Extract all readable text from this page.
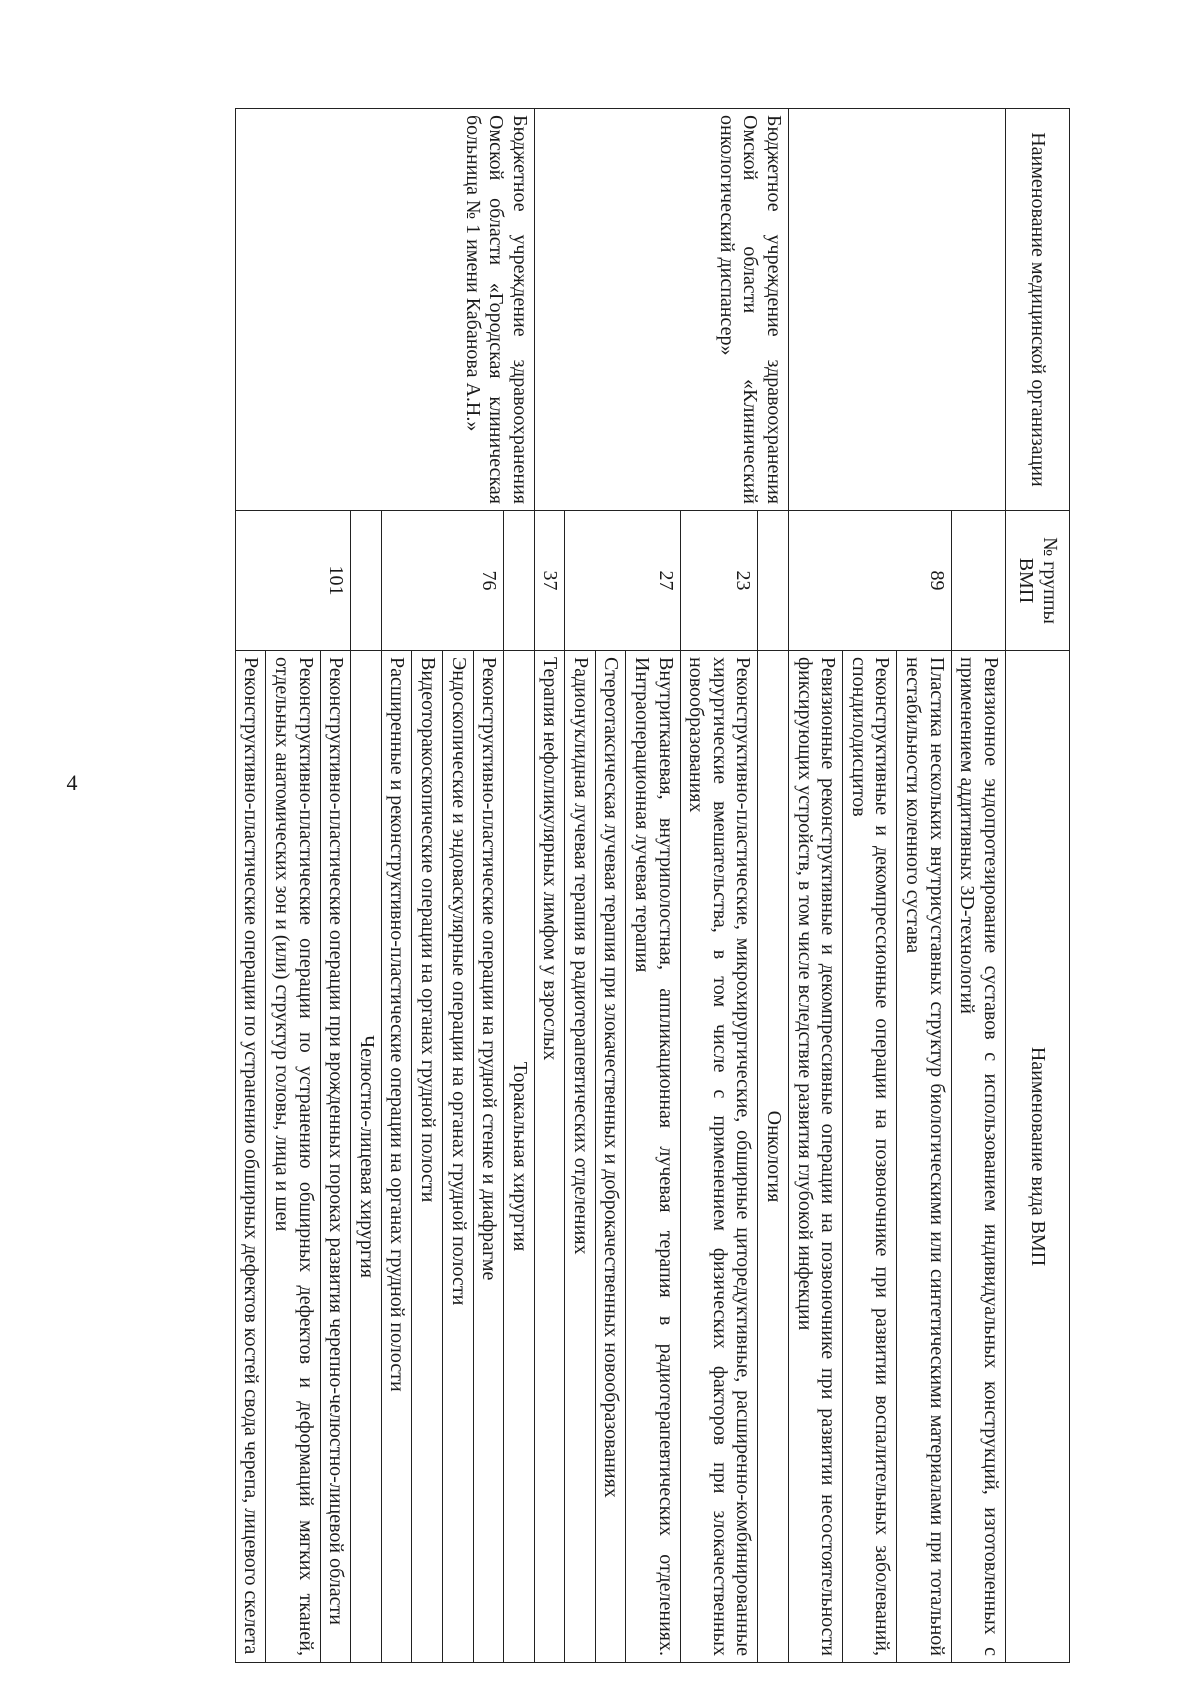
4
Наименование медицинской организации	№ группы ВМП	Наименование вида ВМП
		Ревизионное эндопротезирование суставов с использованием индивидуальных конструкций, изготовленных с применением аддитивных 3D-технологий
	89	Пластика нескольких внутрисуставных структур биологическими или синтетическими материалами при тотальной нестабильности коленного сустава
		Реконструктивные и декомпрессионные операции на позвоночнике при развитии воспалительных заболеваний, спондилодисцитов
		Ревизионные реконструктивные и декомпрессивные операции на позвоночнике при развитии несостоятельности фиксирующих устройств, в том числе вследствие развития глубокой инфекции
Бюджетное учреждение здравоохранения Омской области «Клинический онкологический диспансер»		Онкология
	23	Реконструктивно-пластические, микрохирургические, обширные циторедуктивные, расширенно-комбинированные хирургические вмешательства, в том числе с применением физических факторов при злокачественных новообразованиях
	27	Внутритканевая, внутриполостная, аппликационная лучевая терапия в радиотерапевтических отделениях. Интраоперационная лучевая терапия
		Стереотаксическая лучевая терапия при злокачественных и доброкачественных новообразованиях
		Радионуклидная лучевая терапия в радиотерапевтических отделениях
	37	Терапия нефолликулярных лимфом у взрослых
Бюджетное учреждение здравоохранения Омской области «Городская клиническая больница № 1 имени Кабанова А.Н.»		Торакальная хирургия
	76	Реконструктивно-пластические операции на грудной стенке и диафрагме
		Эндоскопические и эндоваскулярные операции на органах грудной полости
		Видеоторакоскопические операции на органах грудной полости
		Расширенные и реконструктивно-пластические операции на органах грудной полости
		Челюстно-лицевая хирургия
	101	Реконструктивно-пластические операции при врожденных пороках развития черепно-челюстно-лицевой области
		Реконструктивно-пластические операции по устранению обширных дефектов и деформаций мягких тканей, отдельных анатомических зон и (или) структур головы, лица и шеи
		Реконструктивно-пластические операции по устранению обширных дефектов костей свода черепа, лицевого скелета
